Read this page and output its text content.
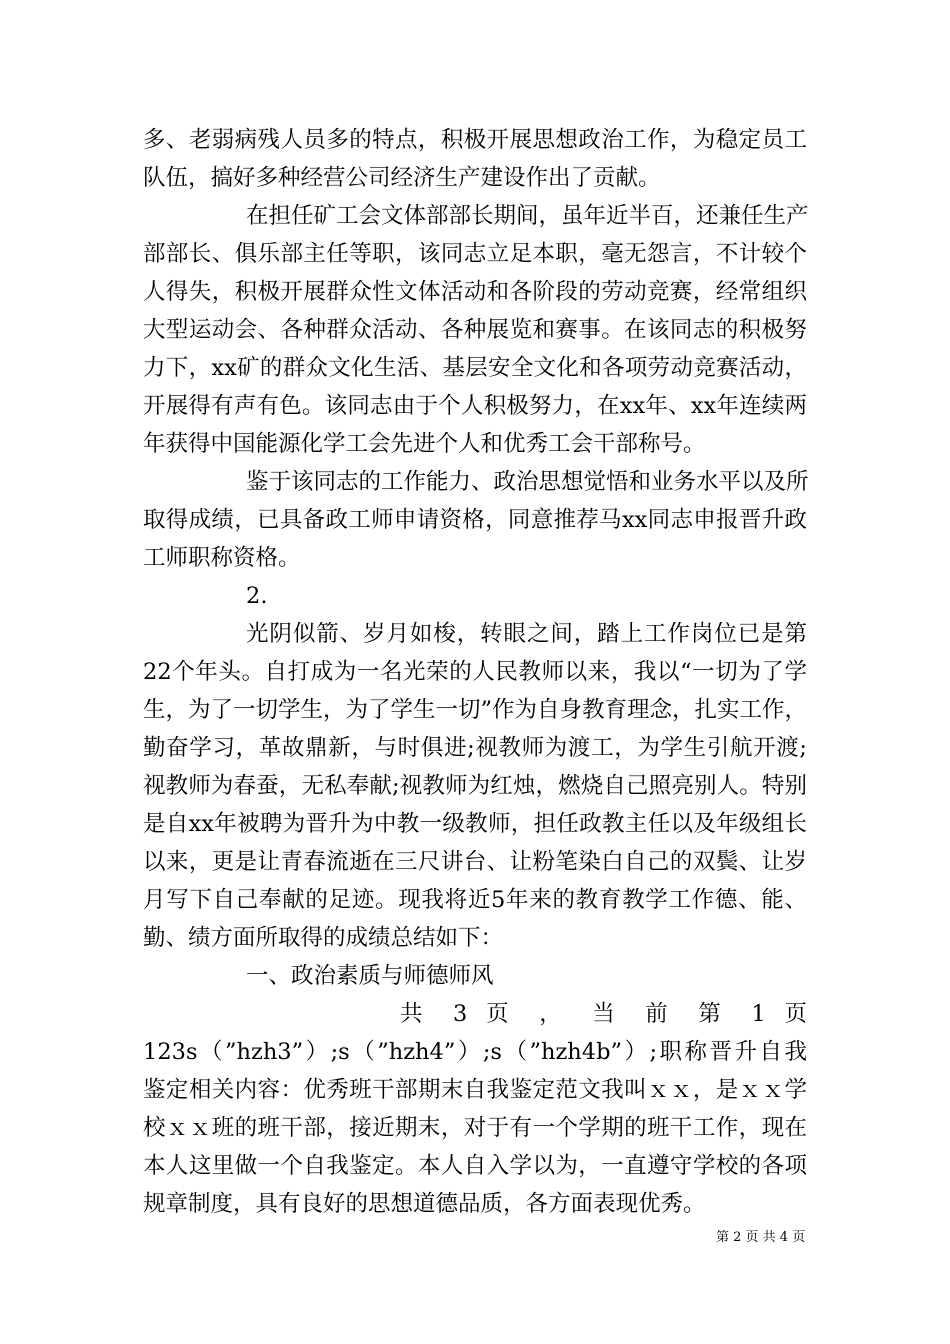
多、老弱病残人员多的特点，积极开展思想政治工作，为稳定员工
队伍，搞好多种经营公司经济生产建设作出了贡献。
在担任矿工会文体部部长期间，虽年近半百，还兼任生产
部部长、俱乐部主任等职，该同志立足本职，毫无怨言，不计较个
人得失，积极开展群众性文体活动和各阶段的劳动竞赛，经常组织
大型运动会、各种群众活动、各种展览和赛事。在该同志的积极努
力下，xx矿的群众文化生活、基层安全文化和各项劳动竞赛活动，
开展得有声有色。该同志由于个人积极努力，在xx年、xx年连续两
年获得中国能源化学工会先进个人和优秀工会干部称号。
鉴于该同志的工作能力、政治思想觉悟和业务水平以及所
取得成绩，已具备政工师申请资格，同意推荐马xx同志申报晋升政
工师职称资格。
2.
光阴似箭、岁月如梭，转眼之间，踏上工作岗位已是第
22个年头。自打成为一名光荣的人民教师以来，我以“一切为了学
生，为了一切学生，为了学生一切”作为自身教育理念，扎实工作，
勤奋学习，革故鼎新，与时俱进;视教师为渡工，为学生引航开渡;
视教师为春蚕，无私奉献;视教师为红烛，燃烧自己照亮别人。特别
是自xx年被聘为晋升为中教一级教师，担任政教主任以及年级组长
以来，更是让青春流逝在三尺讲台、让粉笔染白自己的双鬓、让岁
月写下自己奉献的足迹。现我将近5年来的教育教学工作德、能、
勤、绩方面所取得的成绩总结如下：
一、政治素质与师德师风
共 3 页 ， 当 前 第 1 页
123s（”hzh3”）;s（”hzh4”）;s（”hzh4b”）;职称晋升自我
鉴定相关内容：优秀班干部期末自我鉴定范文我叫ｘｘ，是ｘｘ学
校ｘｘ班的班干部，接近期末，对于有一个学期的班干工作，现在
本人这里做一个自我鉴定。本人自入学以为，一直遵守学校的各项
规章制度，具有良好的思想道德品质，各方面表现优秀。
第 2 页 共 4 页
